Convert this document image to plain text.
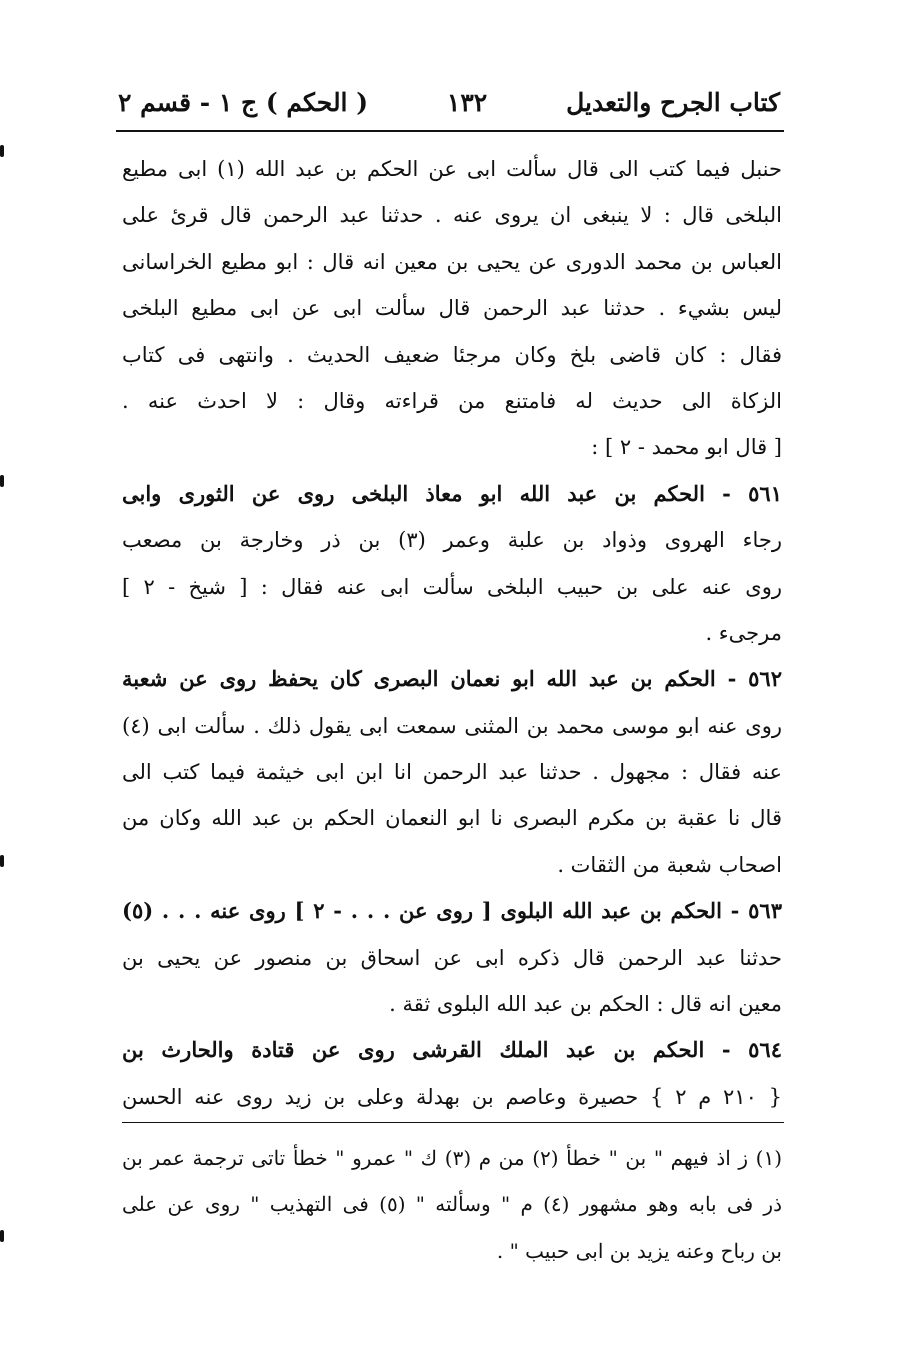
كتاب الجرح والتعديل
١٣٢
( الحكم ) ج ١ - قسم ٢
حنبل فيما كتب الى قال سألت ابى عن الحكم بن عبد الله (١) ابى مطيع
البلخى قال : لا ينبغى ان يروى عنه . حدثنا عبد الرحمن قال قرئ على
العباس بن محمد الدورى عن يحيى بن معين انه قال : ابو مطيع الخراسانى
ليس بشيء . حدثنا عبد الرحمن قال سألت ابى عن ابى مطيع البلخى
فقال : كان قاضى بلخ وكان مرجئا ضعيف الحديث . وانتهى فى كتاب
الزكاة الى حديث له فامتنع من قراءته وقال : لا احدث عنه .
[ قال ابو محمد - ٢ ] :
٥٦١ - الحكم بن عبد الله ابو معاذ البلخى روى عن الثورى وابى
رجاء الهروى وذواد بن علبة وعمر (٣) بن ذر وخارجة بن مصعب
روى عنه على بن حبيب البلخى سألت ابى عنه فقال : [ شيخ - ٢ ]
مرجىء .
٥٦٢ - الحكم بن عبد الله ابو نعمان البصرى كان يحفظ روى عن شعبة
روى عنه ابو موسى محمد بن المثنى سمعت ابى يقول ذلك . سألت ابى (٤)
عنه فقال : مجهول . حدثنا عبد الرحمن انا ابن ابى خيثمة فيما كتب الى
قال نا عقبة بن مكرم البصرى نا ابو النعمان الحكم بن عبد الله وكان من
اصحاب شعبة من الثقات .
٥٦٣ - الحكم بن عبد الله البلوى [ روى عن . . . - ٢ ] روى عنه . . . (٥)
حدثنا عبد الرحمن قال ذكره ابى عن اسحاق بن منصور عن يحيى بن
معين انه قال : الحكم بن عبد الله البلوى ثقة .
٥٦٤ - الحكم بن عبد الملك القرشى روى عن قتادة والحارث بن
{ ٢١٠ م ٢ } حصيرة وعاصم بن بهدلة وعلى بن زيد روى عنه الحسن
(١) ز اذ فيهم " بن " خطأ (٢) من م (٣) ك " عمرو " خطأ تاتى ترجمة عمر بن
ذر فى بابه وهو مشهور (٤) م " وسألته " (٥) فى التهذيب " روى عن على
بن رباح وعنه يزيد بن ابى حبيب " .
